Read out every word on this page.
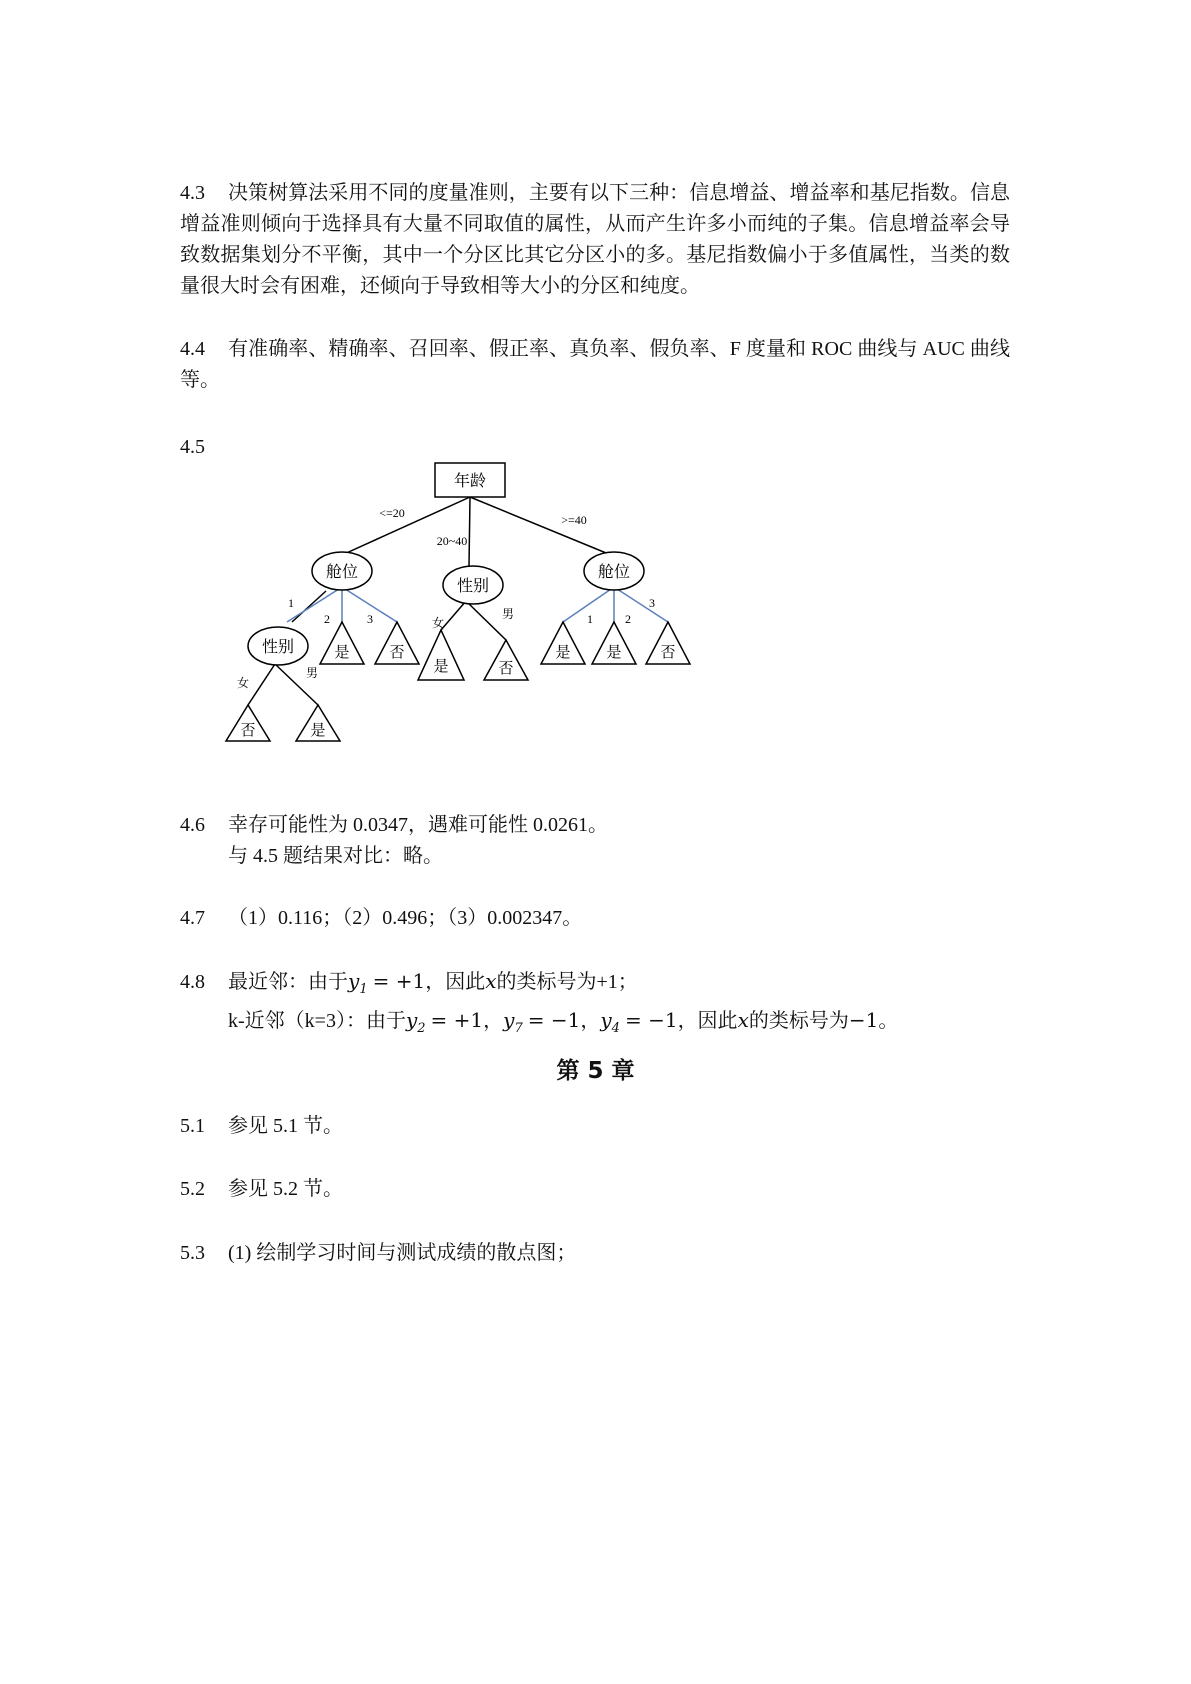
4.3 决策树算法采用不同的度量准则，主要有以下三种：信息增益、增益率和基尼指数。信息增益准则倾向于选择具有大量不同取值的属性，从而产生许多小而纯的子集。信息增益率会导致数据集划分不平衡，其中一个分区比其它分区小的多。基尼指数偏小于多值属性，当类的数量很大时会有困难，还倾向于导致相等大小的分区和纯度。
4.4 有准确率、精确率、召回率、假正率、真负率、假负率、F 度量和 ROC 曲线与 AUC 曲线等。
4.5
年龄
<=20
20~40
>=40
舱位
性别
舱位
性别
1
2	3	1	2
3
女
男
女
男
是	否
是	否
是 是	否
否	是
4.6 幸存可能性为 0.0347，遇难可能性 0.0261。
与 4.5 题结果对比：略。
4.7 （1）0.116；（2）0.496；（3）0.002347。
4.8 最近邻：由于$y_1 = +1$，因此x的类标号为+1；
k-近邻（k=3）：由于$y_2 = +1$，$y_7 = -1$，$y_4 = -1$，因此x的类标号为−1。
第 5 章
5.1 参见 5.1 节。
5.2 参见 5.2 节。
5.3 (1) 绘制学习时间与测试成绩的散点图；
